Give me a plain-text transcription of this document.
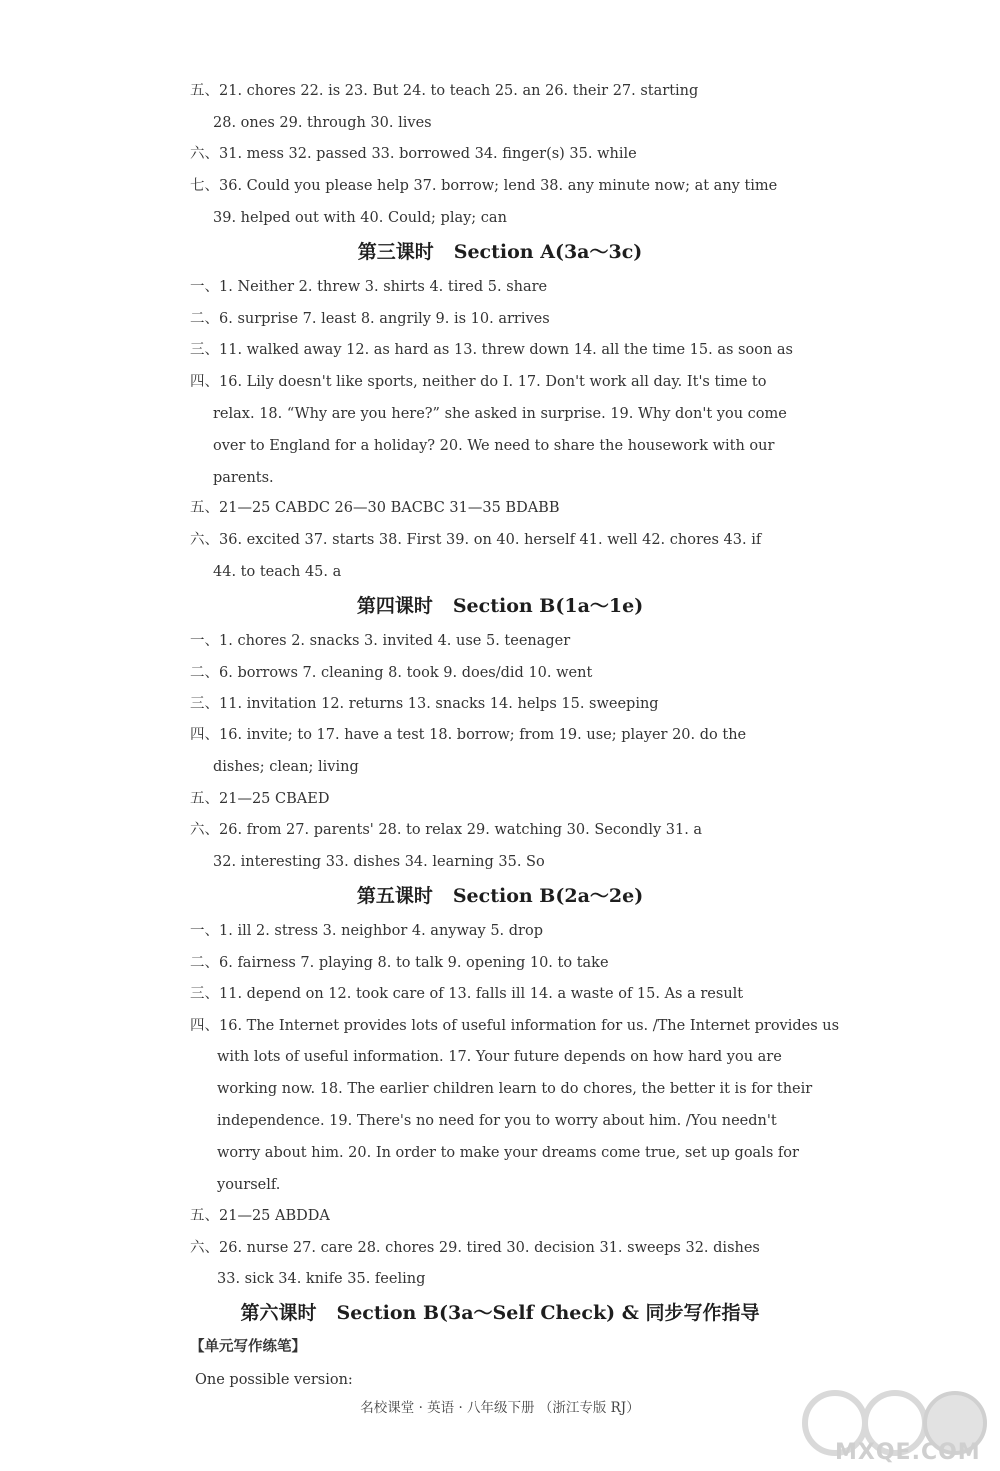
五、21. chores 22. is 23. But 24. to teach 25. an 26. their 27. starting
28. ones 29. through 30. lives
六、31. mess 32. passed 33. borrowed 34. finger(s) 35. while
七、36. Could you please help 37. borrow; lend 38. any minute now; at any time
39. helped out with 40. Could; play; can
第三课时 Section A(3a～3c)
一、1. Neither 2. threw 3. shirts 4. tired 5. share
二、6. surprise 7. least 8. angrily 9. is 10. arrives
三、11. walked away 12. as hard as 13. threw down 14. all the time 15. as soon as
四、16. Lily doesn't like sports, neither do I. 17. Don't work all day. It's time to
relax. 18. “Why are you here?” she asked in surprise. 19. Why don't you come
over to England for a holiday? 20. We need to share the housework with our
parents.
五、21—25 CABDC 26—30 BACBC 31—35 BDABB
六、36. excited 37. starts 38. First 39. on 40. herself 41. well 42. chores 43. if
44. to teach 45. a
第四课时 Section B(1a～1e)
一、1. chores 2. snacks 3. invited 4. use 5. teenager
二、6. borrows 7. cleaning 8. took 9. does/did 10. went
三、11. invitation 12. returns 13. snacks 14. helps 15. sweeping
四、16. invite; to 17. have a test 18. borrow; from 19. use; player 20. do the
dishes; clean; living
五、21—25 CBAED
六、26. from 27. parents' 28. to relax 29. watching 30. Secondly 31. a
32. interesting 33. dishes 34. learning 35. So
第五课时 Section B(2a～2e)
一、1. ill 2. stress 3. neighbor 4. anyway 5. drop
二、6. fairness 7. playing 8. to talk 9. opening 10. to take
三、11. depend on 12. took care of 13. falls ill 14. a waste of 15. As a result
四、16. The Internet provides lots of useful information for us. /The Internet provides us
with lots of useful information. 17. Your future depends on how hard you are
working now. 18. The earlier children learn to do chores, the better it is for their
independence. 19. There's no need for you to worry about him. /You needn't
worry about him. 20. In order to make your dreams come true, set up goals for
yourself.
五、21—25 ABDDA
六、26. nurse 27. care 28. chores 29. tired 30. decision 31. sweeps 32. dishes
33. sick 34. knife 35. feeling
第六课时 Section B(3a～Self Check) & 同步写作指导
【单元写作练笔】
One possible version:
名校课堂 · 英语 · 八年级下册 （浙江专版 RJ）
MXQE.COM
